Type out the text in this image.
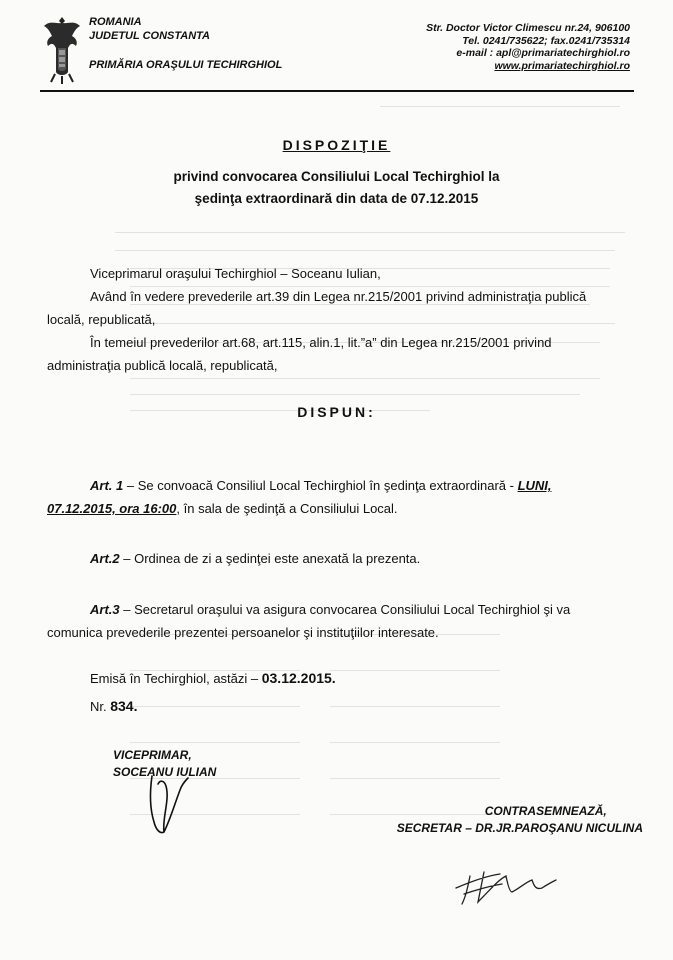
ROMANIA
JUDETUL CONSTANTA
PRIMĂRIA ORAŞULUI TECHIRGHIOL
Str. Doctor Victor Climescu nr.24, 906100
Tel. 0241/735622; fax.0241/735314
e-mail : apl@primariatechirghiol.ro
www.primariatechirghiol.ro
DISPOZIŢIE
privind convocarea Consiliului Local Techirghiol la
şedinţa extraordinară din data de 07.12.2015
Viceprimarul oraşului Techirghiol – Soceanu Iulian,
Având în vedere prevederile art.39 din Legea nr.215/2001 privind administraţia publică
locală, republicată,
În temeiul prevederilor art.68, art.115, alin.1, lit.”a” din Legea nr.215/2001 privind
administraţia publică locală, republicată,
DISPUN:
Art. 1 – Se convoacă Consiliul Local Techirghiol în şedinţa extraordinară - LUNI,
07.12.2015, ora 16:00, în sala de şedinţă a Consiliului Local.
Art.2 – Ordinea de zi a şedinţei este anexată la prezenta.
Art.3 – Secretarul oraşului va asigura convocarea Consiliului Local Techirghiol şi va
comunica prevederile prezentei persoanelor şi instituţiilor interesate.
Emisă în Techirghiol, astăzi – 03.12.2015.
Nr. 834.
VICEPRIMAR,
SOCEANU IULIAN
CONTRASEMNEAZĂ,
SECRETAR – DR.JR.PAROŞANU NICULINA
